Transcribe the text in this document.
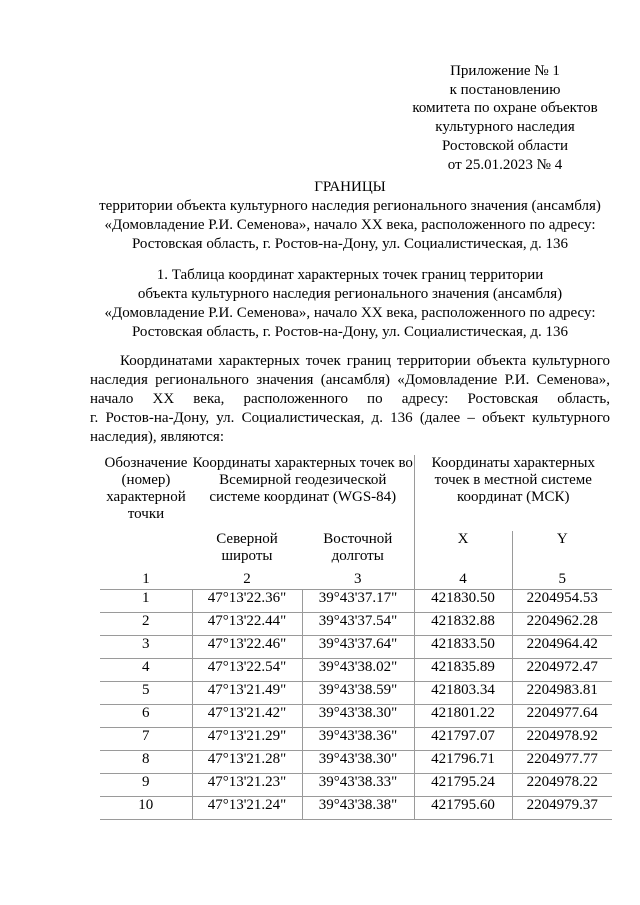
Приложение № 1
к постановлению
комитета по охране объектов
культурного наследия
Ростовской области
от 25.01.2023 № 4
ГРАНИЦЫ
территории объекта культурного наследия регионального значения (ансамбля)
«Домовладение Р.И. Семенова», начало XX века, расположенного по адресу:
Ростовская область, г. Ростов-на-Дону, ул. Социалистическая, д. 136
1. Таблица координат характерных точек границ территории
объекта культурного наследия регионального значения (ансамбля)
«Домовладение Р.И. Семенова», начало XX века, расположенного по адресу:
Ростовская область, г. Ростов-на-Дону, ул. Социалистическая, д. 136
Координатами характерных точек границ территории объекта культурного
наследия регионального значения (ансамбля) «Домовладение Р.И. Семенова»,
начало XX века, расположенного по адресу: Ростовская область,
г. Ростов-на-Дону, ул. Социалистическая, д. 136 (далее – объект культурного
наследия), являются:
Обозначение (номер) характерной точки	Координаты характерных точек во Всемирной геодезической системе координат (WGS-84)		Координаты характерных точек в местной системе координат (МСК)	
	Северной широты	Восточной долготы	X	Y
1	2	3	4	5
1	47°13'22.36"	39°43'37.17"	421830.50	2204954.53
2	47°13'22.44"	39°43'37.54"	421832.88	2204962.28
3	47°13'22.46"	39°43'37.64"	421833.50	2204964.42
4	47°13'22.54"	39°43'38.02"	421835.89	2204972.47
5	47°13'21.49"	39°43'38.59"	421803.34	2204983.81
6	47°13'21.42"	39°43'38.30"	421801.22	2204977.64
7	47°13'21.29"	39°43'38.36"	421797.07	2204978.92
8	47°13'21.28"	39°43'38.30"	421796.71	2204977.77
9	47°13'21.23"	39°43'38.33"	421795.24	2204978.22
10	47°13'21.24"	39°43'38.38"	421795.60	2204979.37
